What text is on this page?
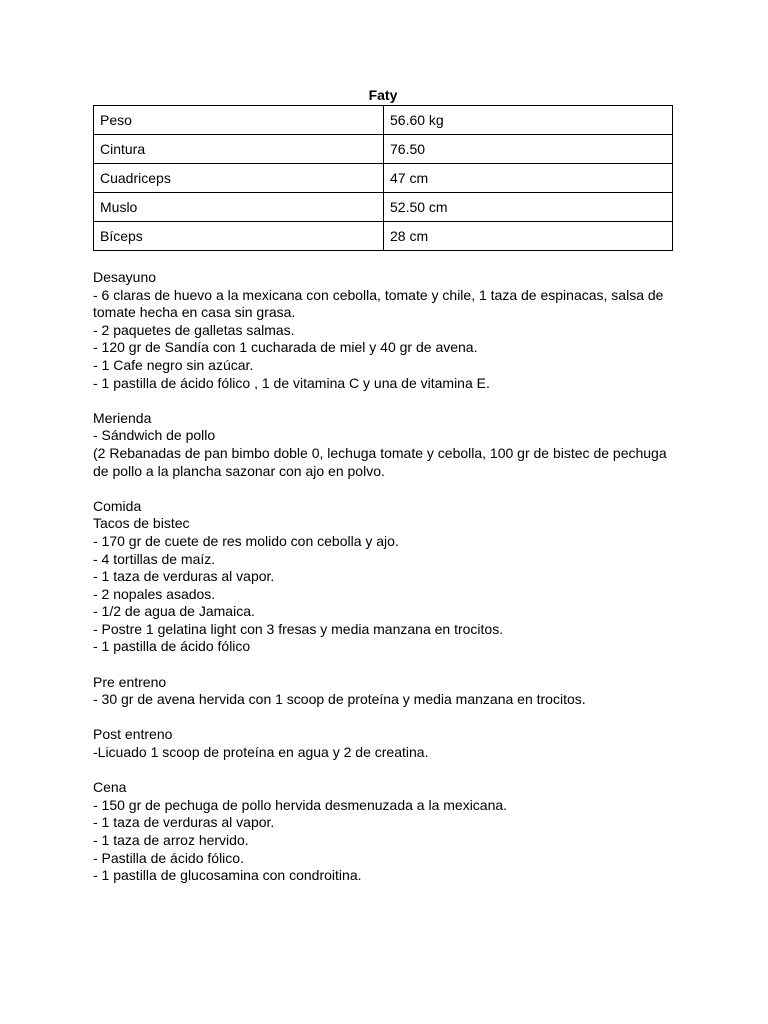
Faty
Peso	56.60 kg
Cintura	76.50
Cuadriceps	47 cm
Muslo	52.50 cm
Bíceps	28 cm

Desayuno

- 6 claras de huevo a la mexicana con cebolla, tomate y chile, 1 taza de espinacas, salsa de tomate hecha en casa sin grasa.

- 2 paquetes de galletas salmas.

- 120 gr de Sandía con 1 cucharada de miel y 40 gr de avena.

- 1 Cafe negro sin azúcar.

- 1 pastilla de ácido fólico , 1 de vitamina C y una de vitamina E.

Merienda

- Sándwich de pollo

(2 Rebanadas de pan bimbo doble 0, lechuga tomate y cebolla, 100 gr de bistec de pechuga de pollo a la plancha sazonar con ajo en polvo.

Comida

Tacos de bistec

- 170 gr de cuete de res molido con cebolla y ajo.

- 4 tortillas de maíz.

- 1 taza de verduras al vapor.

- 2 nopales asados.

- 1/2 de agua de Jamaica.

- Postre 1 gelatina light con 3 fresas y media manzana en trocitos.

- 1 pastilla de ácido fólico

Pre entreno

- 30 gr de avena hervida con 1 scoop de proteína y media manzana en trocitos.

Post entreno

-Licuado 1 scoop de proteína en agua y 2 de creatina.

Cena

- 150 gr de pechuga de pollo hervida desmenuzada a la mexicana.

- 1 taza de verduras al vapor.

- 1 taza de arroz hervido.

- Pastilla de ácido fólico.

- 1 pastilla de glucosamina con condroitina.
